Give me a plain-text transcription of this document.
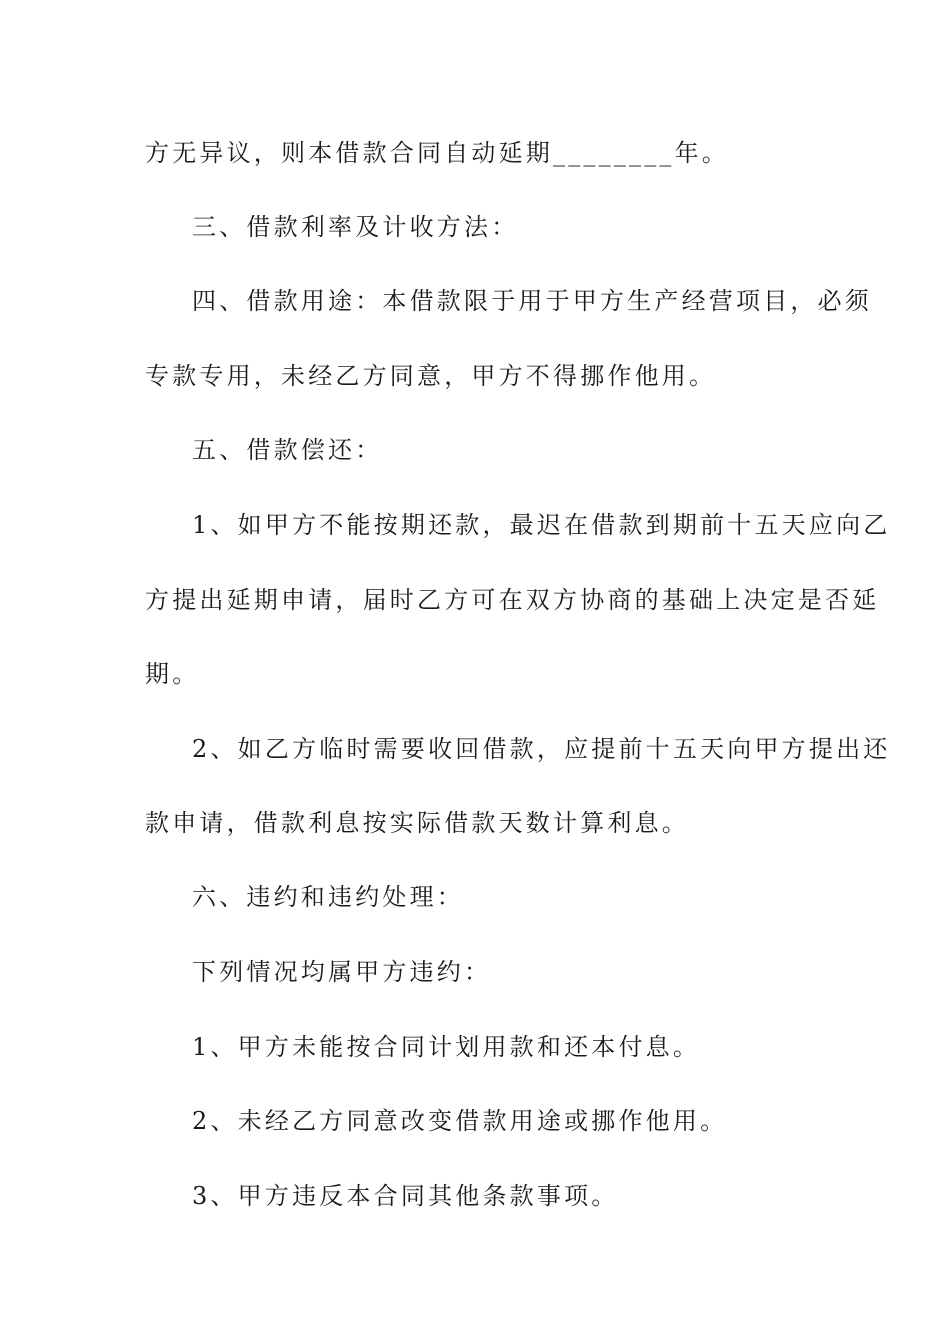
方无异议，则本借款合同自动延期________年。
三、借款利率及计收方法：
四、借款用途：本借款限于用于甲方生产经营项目，必须
专款专用，未经乙方同意，甲方不得挪作他用。
五、借款偿还：
1、如甲方不能按期还款，最迟在借款到期前十五天应向乙
方提出延期申请，届时乙方可在双方协商的基础上决定是否延
期。
2、如乙方临时需要收回借款，应提前十五天向甲方提出还
款申请，借款利息按实际借款天数计算利息。
六、违约和违约处理：
下列情况均属甲方违约：
1、甲方未能按合同计划用款和还本付息。
2、未经乙方同意改变借款用途或挪作他用。
3、甲方违反本合同其他条款事项。
